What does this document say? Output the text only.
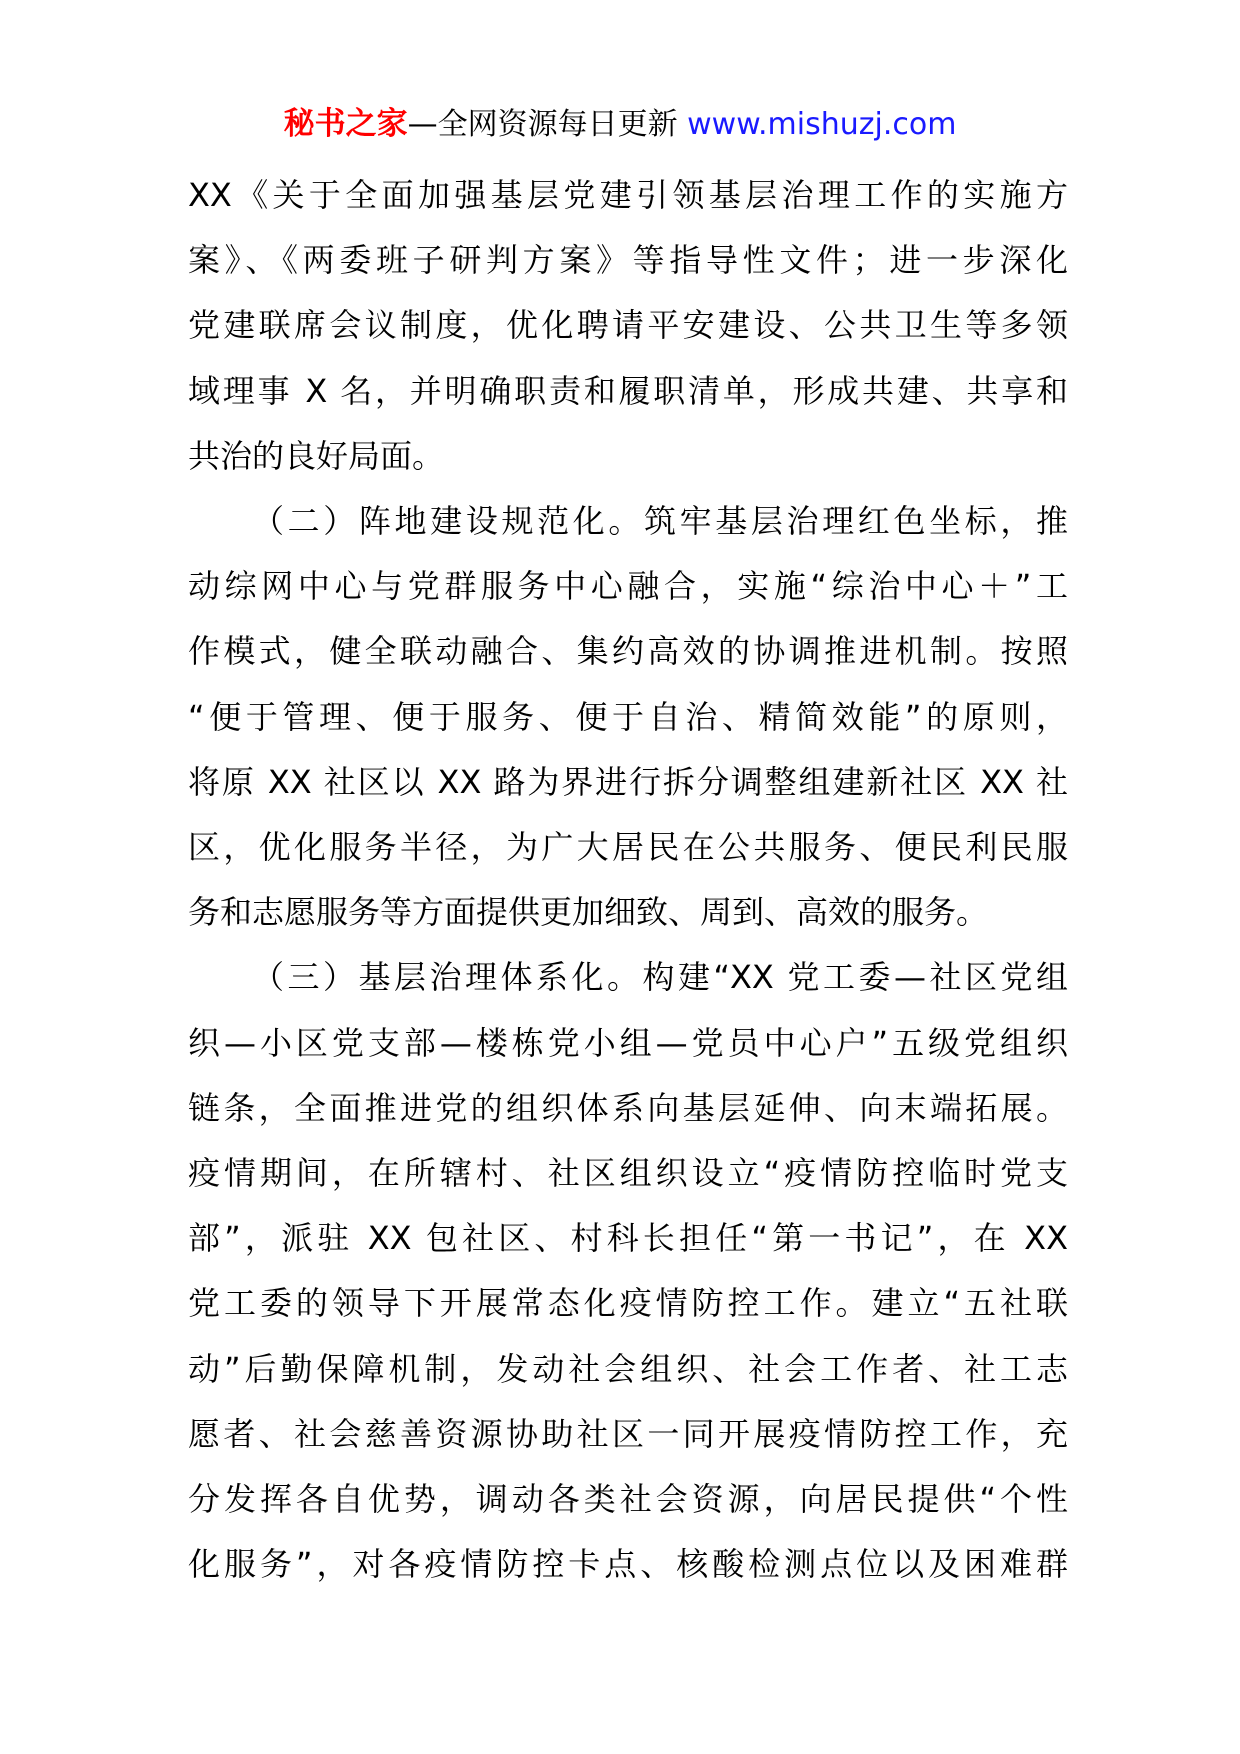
秘书之家—全网资源每日更新 www.mishuzj.com
XX《关于全面加强基层党建引领基层治理工作的实施方
案》、《两委班子研判方案》等指导性文件；进一步深化
党建联席会议制度，优化聘请平安建设、公共卫生等多领
域理事 X 名，并明确职责和履职清单，形成共建、共享和
共治的良好局面。
（二）阵地建设规范化。筑牢基层治理红色坐标，推
动综网中心与党群服务中心融合，实施“综治中心＋”工
作模式，健全联动融合、集约高效的协调推进机制。按照
“便于管理、便于服务、便于自治、精简效能”的原则，
将原 XX 社区以 XX 路为界进行拆分调整组建新社区 XX 社
区，优化服务半径，为广大居民在公共服务、便民利民服
务和志愿服务等方面提供更加细致、周到、高效的服务。
（三）基层治理体系化。构建“XX 党工委—社区党组
织—小区党支部—楼栋党小组—党员中心户”五级党组织
链条，全面推进党的组织体系向基层延伸、向末端拓展。
疫情期间，在所辖村、社区组织设立“疫情防控临时党支
部”，派驻 XX 包社区、村科长担任“第一书记”，在 XX
党工委的领导下开展常态化疫情防控工作。建立“五社联
动”后勤保障机制，发动社会组织、社会工作者、社工志
愿者、社会慈善资源协助社区一同开展疫情防控工作，充
分发挥各自优势，调动各类社会资源，向居民提供“个性
化服务”，对各疫情防控卡点、核酸检测点位以及困难群
